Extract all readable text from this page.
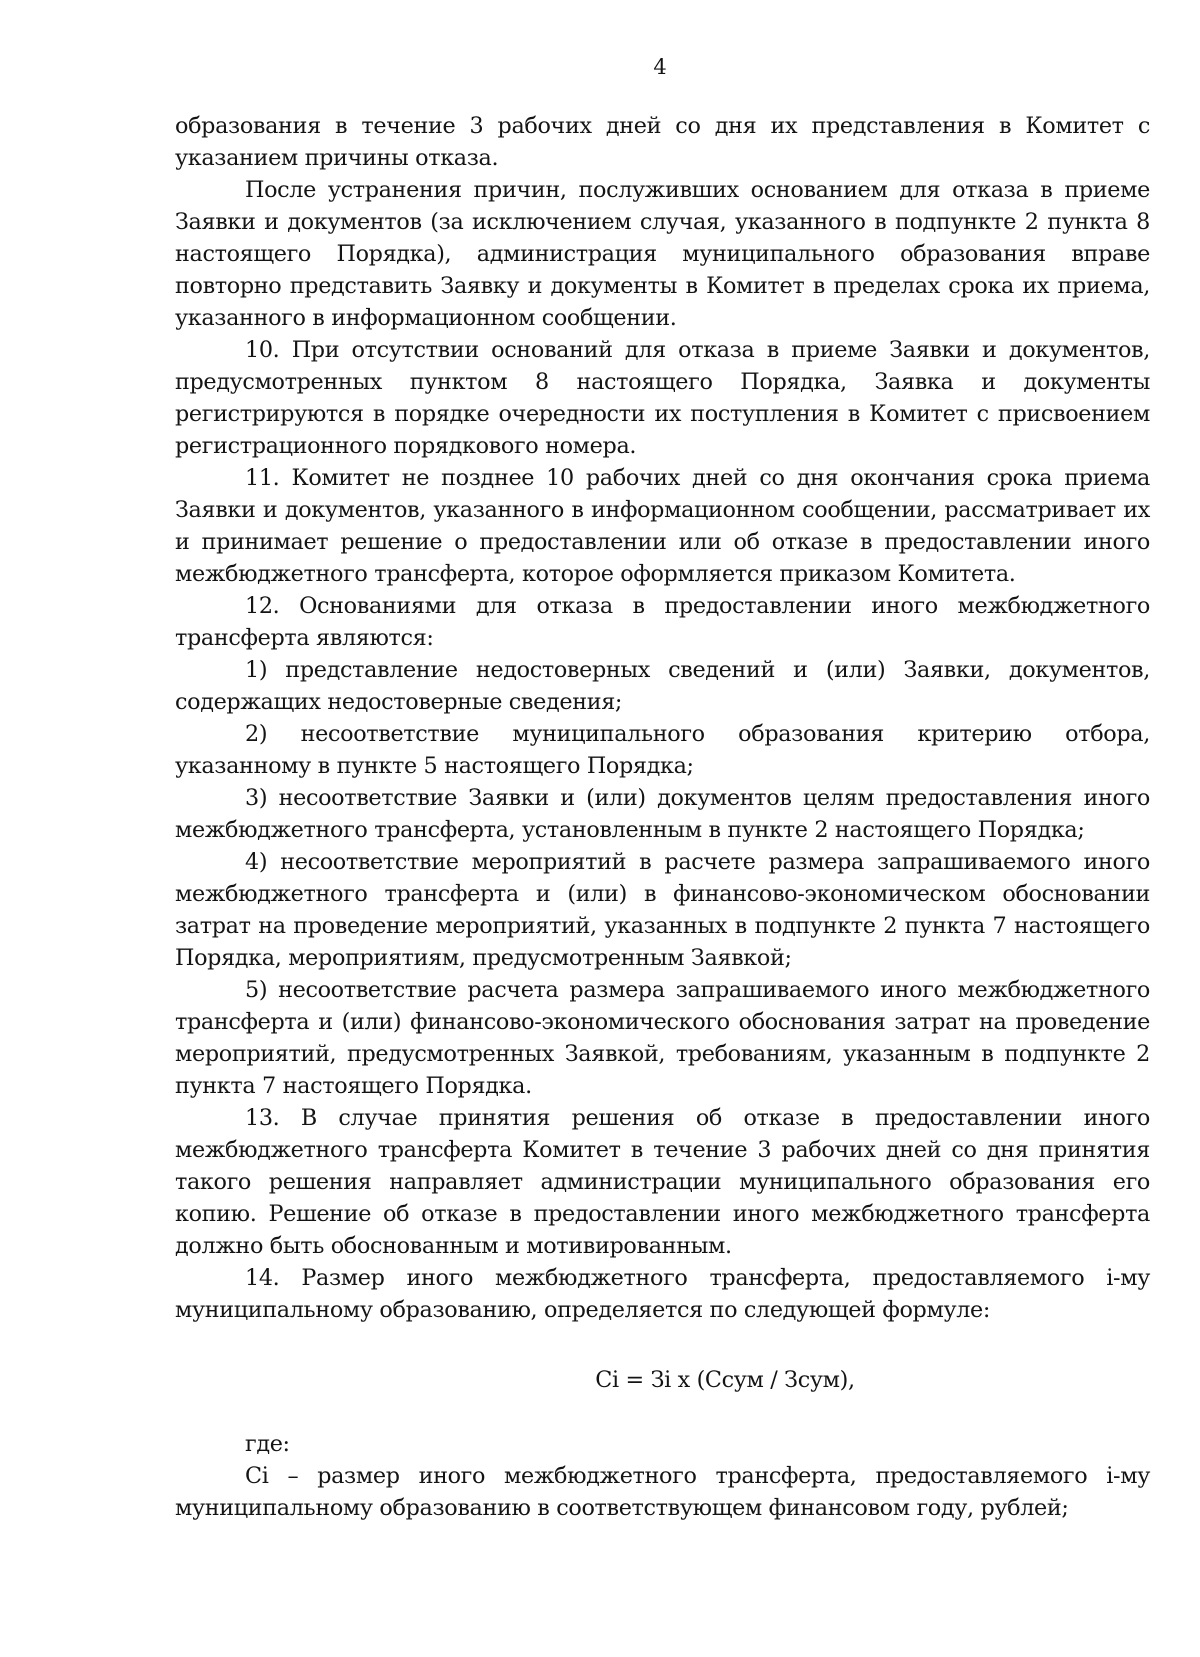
4

образования в течение 3 рабочих дней со дня их представления в Комитет с указанием причины отказа.

После устранения причин, послуживших основанием для отказа в приеме Заявки и документов (за исключением случая, указанного в подпункте 2 пункта 8 настоящего Порядка), администрация муниципального образования вправе повторно представить Заявку и документы в Комитет в пределах срока их приема, указанного в информационном сообщении.

10. При отсутствии оснований для отказа в приеме Заявки и документов, предусмотренных пунктом 8 настоящего Порядка, Заявка и документы регистрируются в порядке очередности их поступления в Комитет с присвоением регистрационного порядкового номера.

11. Комитет не позднее 10 рабочих дней со дня окончания срока приема Заявки и документов, указанного в информационном сообщении, рассматривает их и принимает решение о предоставлении или об отказе в предоставлении иного межбюджетного трансферта, которое оформляется приказом Комитета.

12. Основаниями для отказа в предоставлении иного межбюджетного трансферта являются:

1) представление недостоверных сведений и (или) Заявки, документов, содержащих недостоверные сведения;

2) несоответствие муниципального образования критерию отбора, указанному в пункте 5 настоящего Порядка;

3) несоответствие Заявки и (или) документов целям предоставления иного межбюджетного трансферта, установленным в пункте 2 настоящего Порядка;

4) несоответствие мероприятий в расчете размера запрашиваемого иного межбюджетного трансферта и (или) в финансово-экономическом обосновании затрат на проведение мероприятий, указанных в подпункте 2 пункта 7 настоящего Порядка, мероприятиям, предусмотренным Заявкой;

5) несоответствие расчета размера запрашиваемого иного межбюджетного трансферта и (или) финансово-экономического обоснования затрат на проведение мероприятий, предусмотренных Заявкой, требованиям, указанным в подпункте 2 пункта 7 настоящего Порядка.

13. В случае принятия решения об отказе в предоставлении иного межбюджетного трансферта Комитет в течение 3 рабочих дней со дня принятия такого решения направляет администрации муниципального образования его копию. Решение об отказе в предоставлении иного межбюджетного трансферта должно быть обоснованным и мотивированным.

14. Размер иного межбюджетного трансферта, предоставляемого i-му муниципальному образованию, определяется по следующей формуле:

Ci = Зi x (Ссум / Зсум),

где:

Ci – размер иного межбюджетного трансферта, предоставляемого i-му муниципальному образованию в соответствующем финансовом году, рублей;
